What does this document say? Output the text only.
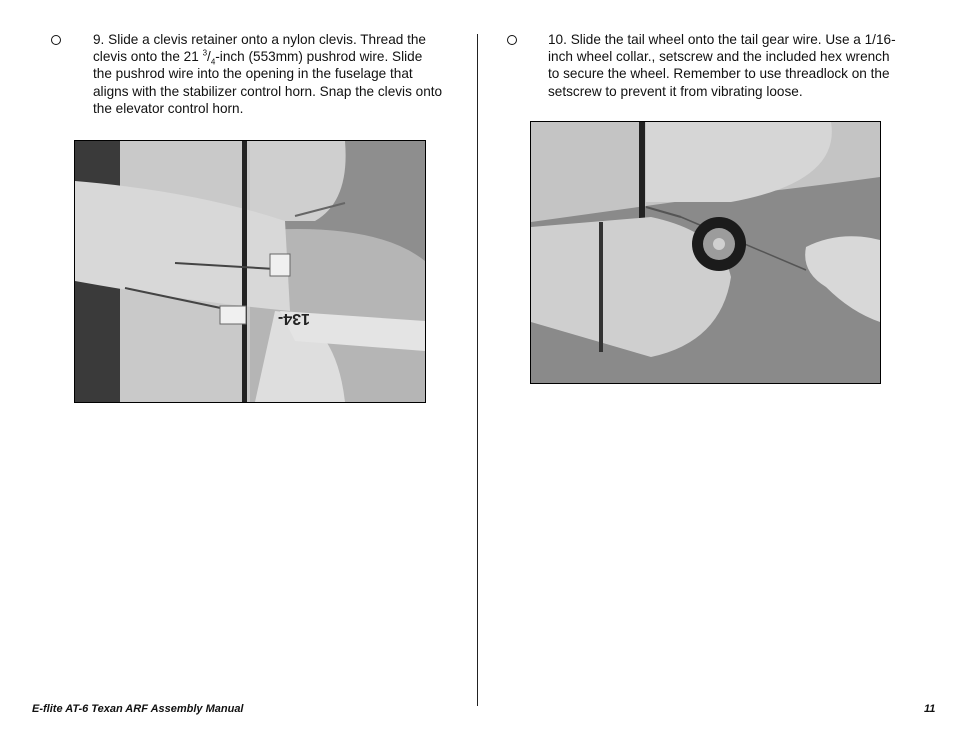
9. Slide a clevis retainer onto a nylon clevis. Thread the clevis onto the 21 $^3/_4$-inch (553mm) pushrod wire. Slide the pushrod wire into the opening in the fuselage that aligns with the stabilizer control horn. Snap the clevis onto the elevator control horn.
134-
10. Slide the tail wheel onto the tail gear wire. Use a 1/16-inch wheel collar., setscrew and the included hex wrench to secure the wheel. Remember to use threadlock on the setscrew to prevent it from vibrating loose.
E-flite AT-6 Texan ARF Assembly Manual	11
